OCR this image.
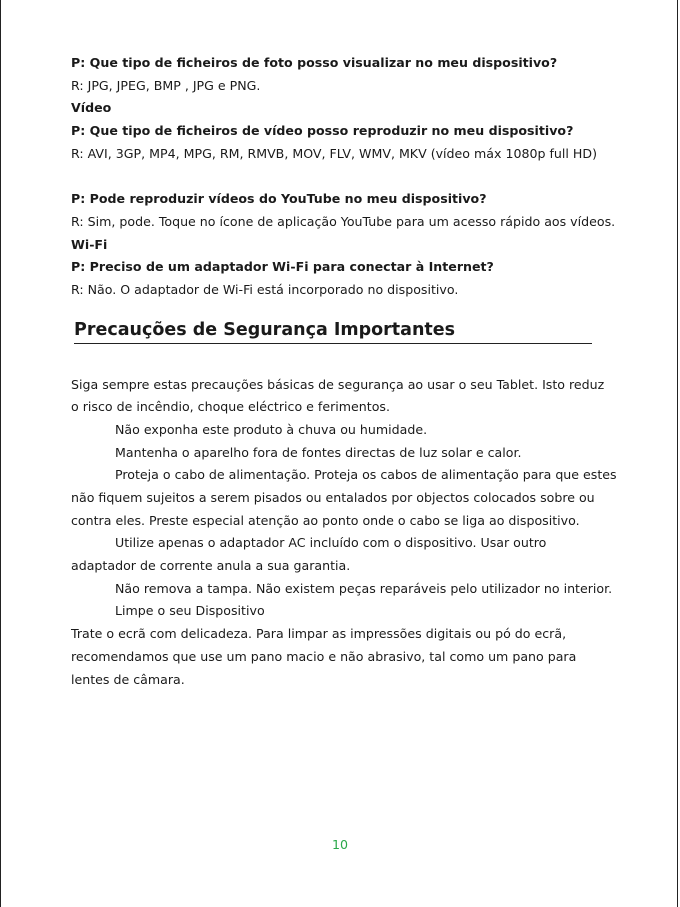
P: Que tipo de ficheiros de foto posso visualizar no meu dispositivo?
R: JPG, JPEG, BMP , JPG e PNG.
Vídeo
P: Que tipo de ficheiros de vídeo posso reproduzir no meu dispositivo?
R: AVI, 3GP, MP4, MPG, RM, RMVB, MOV, FLV, WMV, MKV (vídeo máx 1080p full HD)
P: Pode reproduzir vídeos do YouTube no meu dispositivo?
R: Sim, pode. Toque no ícone de aplicação YouTube para um acesso rápido aos vídeos.
Wi-Fi
P: Preciso de um adaptador Wi-Fi para conectar à Internet?
R: Não. O adaptador de Wi-Fi está incorporado no dispositivo.
Precauções de Segurança Importantes
Siga sempre estas precauções básicas de segurança ao usar o seu Tablet. Isto reduz
o risco de incêndio, choque eléctrico e ferimentos.
Não exponha este produto à chuva ou humidade.
Mantenha o aparelho fora de fontes directas de luz solar e calor.
Proteja o cabo de alimentação. Proteja os cabos de alimentação para que estes
não fiquem sujeitos a serem pisados ou entalados por objectos colocados sobre ou
contra eles. Preste especial atenção ao ponto onde o cabo se liga ao dispositivo.
Utilize apenas o adaptador AC incluído com o dispositivo. Usar outro
adaptador de corrente anula a sua garantia.
Não remova a tampa. Não existem peças reparáveis pelo utilizador no interior.
Limpe o seu Dispositivo
Trate o ecrã com delicadeza. Para limpar as impressões digitais ou pó do ecrã,
recomendamos que use um pano macio e não abrasivo, tal como um pano para
lentes de câmara.
10
